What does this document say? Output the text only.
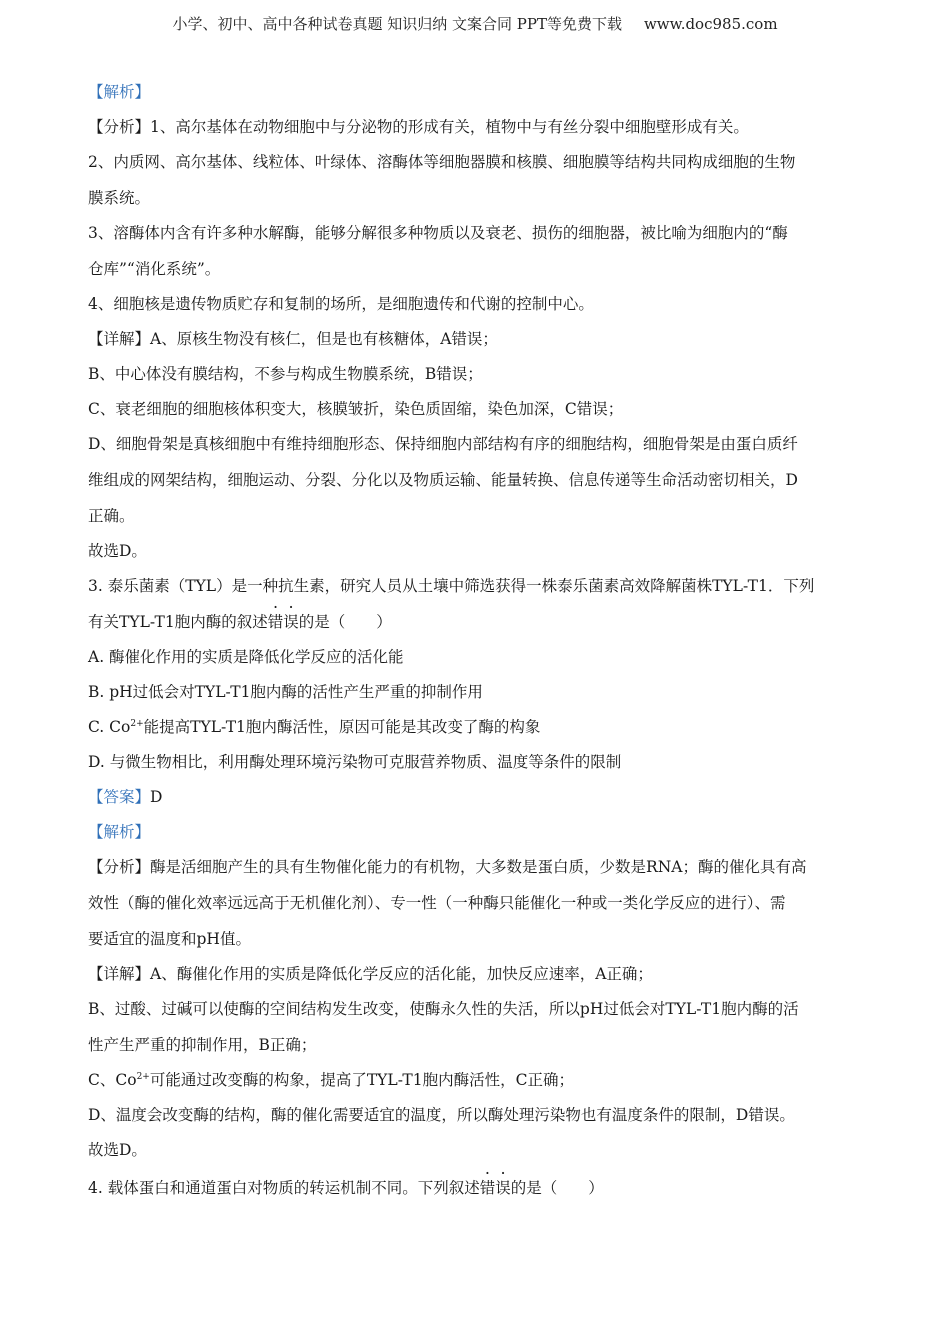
小学、初中、高中各种试卷真题 知识归纳 文案合同 PPT等免费下载 www.doc985.com

【解析】

【分析】1、高尔基体在动物细胞中与分泌物的形成有关，植物中与有丝分裂中细胞壁形成有关。

2、内质网、高尔基体、线粒体、叶绿体、溶酶体等细胞器膜和核膜、细胞膜等结构共同构成细胞的生物

膜系统。

3、溶酶体内含有许多种水解酶，能够分解很多种物质以及衰老、损伤的细胞器，被比喻为细胞内的“酶

仓库”“消化系统”。

4、细胞核是遗传物质贮存和复制的场所，是细胞遗传和代谢的控制中心。

【详解】A、原核生物没有核仁，但是也有核糖体，A错误；

B、中心体没有膜结构，不参与构成生物膜系统，B错误；

C、衰老细胞的细胞核体积变大，核膜皱折，染色质固缩，染色加深，C错误；

D、细胞骨架是真核细胞中有维持细胞形态、保持细胞内部结构有序的细胞结构，细胞骨架是由蛋白质纤

维组成的网架结构，细胞运动、分裂、分化以及物质运输、能量转换、信息传递等生命活动密切相关，D

正确。

故选D。

3. 泰乐菌素（TYL）是一种抗生素，研究人员从土壤中筛选获得一株泰乐菌素高效降解菌株TYL-T1．下列

有关TYL-T1胞内酶的叙述错误的是（　　）

A. 酶催化作用的实质是降低化学反应的活化能

B. pH过低会对TYL-T1胞内酶的活性产生严重的抑制作用

C. $Co^{2+}$能提高TYL-T1胞内酶活性，原因可能是其改变了酶的构象

D. 与微生物相比，利用酶处理环境污染物可克服营养物质、温度等条件的限制

【答案】D

【解析】

【分析】酶是活细胞产生的具有生物催化能力的有机物，大多数是蛋白质，少数是RNA；酶的催化具有高

效性（酶的催化效率远远高于无机催化剂）、专一性（一种酶只能催化一种或一类化学反应的进行）、需

要适宜的温度和pH值。

【详解】A、酶催化作用的实质是降低化学反应的活化能，加快反应速率，A正确；

B、过酸、过碱可以使酶的空间结构发生改变，使酶永久性的失活，所以pH过低会对TYL-T1胞内酶的活

性产生严重的抑制作用，B正确；

C、$Co^{2+}$可能通过改变酶的构象，提高了TYL-T1胞内酶活性，C正确；

D、温度会改变酶的结构，酶的催化需要适宜的温度，所以酶处理污染物也有温度条件的限制，D错误。

故选D。

4. 载体蛋白和通道蛋白对物质的转运机制不同。下列叙述错误的是（　　）
